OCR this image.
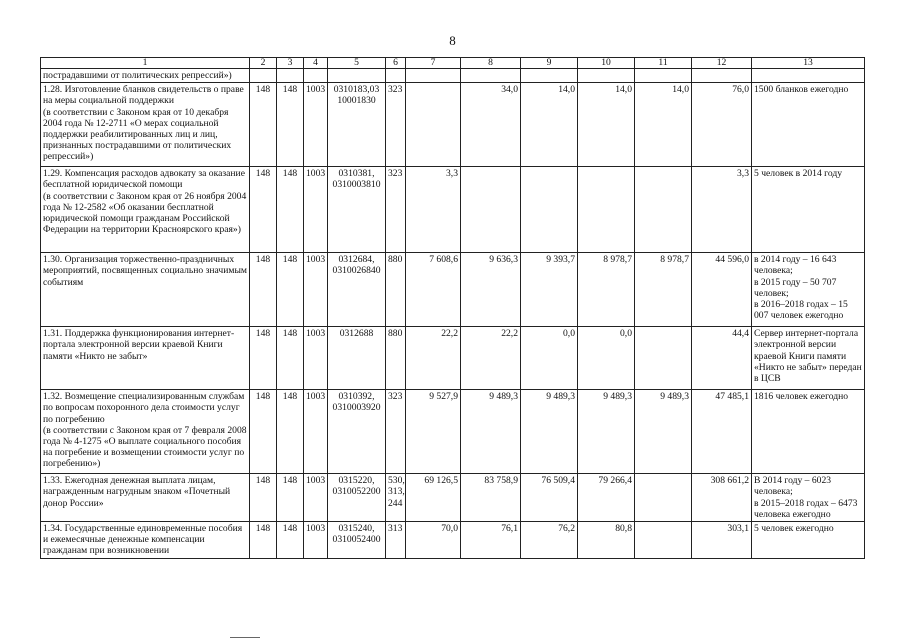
8
1	2	3	4	5	6	7	8	9	10	11	12	13
пострадавшими от политических репрессий»)												
1.28. Изготовление бланков свидетельств о праве на меры социальной поддержки
(в соответствии с Законом края от 10 декабря 2004 года № 12-2711 «О мерах социальной поддержки реабилитированных лиц и лиц, признанных пострадавшими от политических репрессий»)	148	148	1003	0310183,03
10001830	323		34,0	14,0	14,0	14,0	76,0	1500 бланков ежегодно
1.29. Компенсация расходов адвокату за оказание бесплатной юридической помощи
(в соответствии с Законом края от 26 ноября 2004 года № 12-2582 «Об оказании бесплатной юридической помощи гражданам Российской Федерации на территории Красноярского края»)	148	148	1003	0310381,
0310003810	323	3,3					3,3	5 человек в 2014 году
1.30. Организация торжественно-праздничных мероприятий, посвященных социально значимым событиям	148	148	1003	0312684,
0310026840	880	7 608,6	9 636,3	9 393,7	8 978,7	8 978,7	44 596,0	в 2014 году – 16 643 человека;
в 2015 году – 50 707 человек;
в 2016–2018 годах – 15 007 человек ежегодно
1.31. Поддержка функционирования интернет-портала электронной версии краевой Книги памяти «Никто не забыт»	148	148	1003	0312688	880	22,2	22,2	0,0	0,0		44,4	Сервер интернет-портала электронной версии краевой Книги памяти «Никто не забыт» передан в ЦСВ
1.32. Возмещение специализированным службам по вопросам похоронного дела стоимости услуг по погребению
(в соответствии с Законом края от 7 февраля 2008 года № 4-1275 «О выплате социального пособия на погребение и возмещении стоимости услуг по погребению»)	148	148	1003	0310392,
0310003920	323	9 527,9	9 489,3	9 489,3	9 489,3	9 489,3	47 485,1	1816 человек ежегодно
1.33. Ежегодная денежная выплата лицам, награжденным нагрудным знаком «Почетный донор России»	148	148	1003	0315220,
0310052200	530,
313,
244	69 126,5	83 758,9	76 509,4	79 266,4		308 661,2	В 2014 году – 6023 человека;
в 2015–2018 годах – 6473 человека ежегодно
1.34. Государственные единовременные пособия и ежемесячные денежные компенсации гражданам при возникновении	148	148	1003	0315240,
0310052400	313	70,0	76,1	76,2	80,8		303,1	5 человек ежегодно
